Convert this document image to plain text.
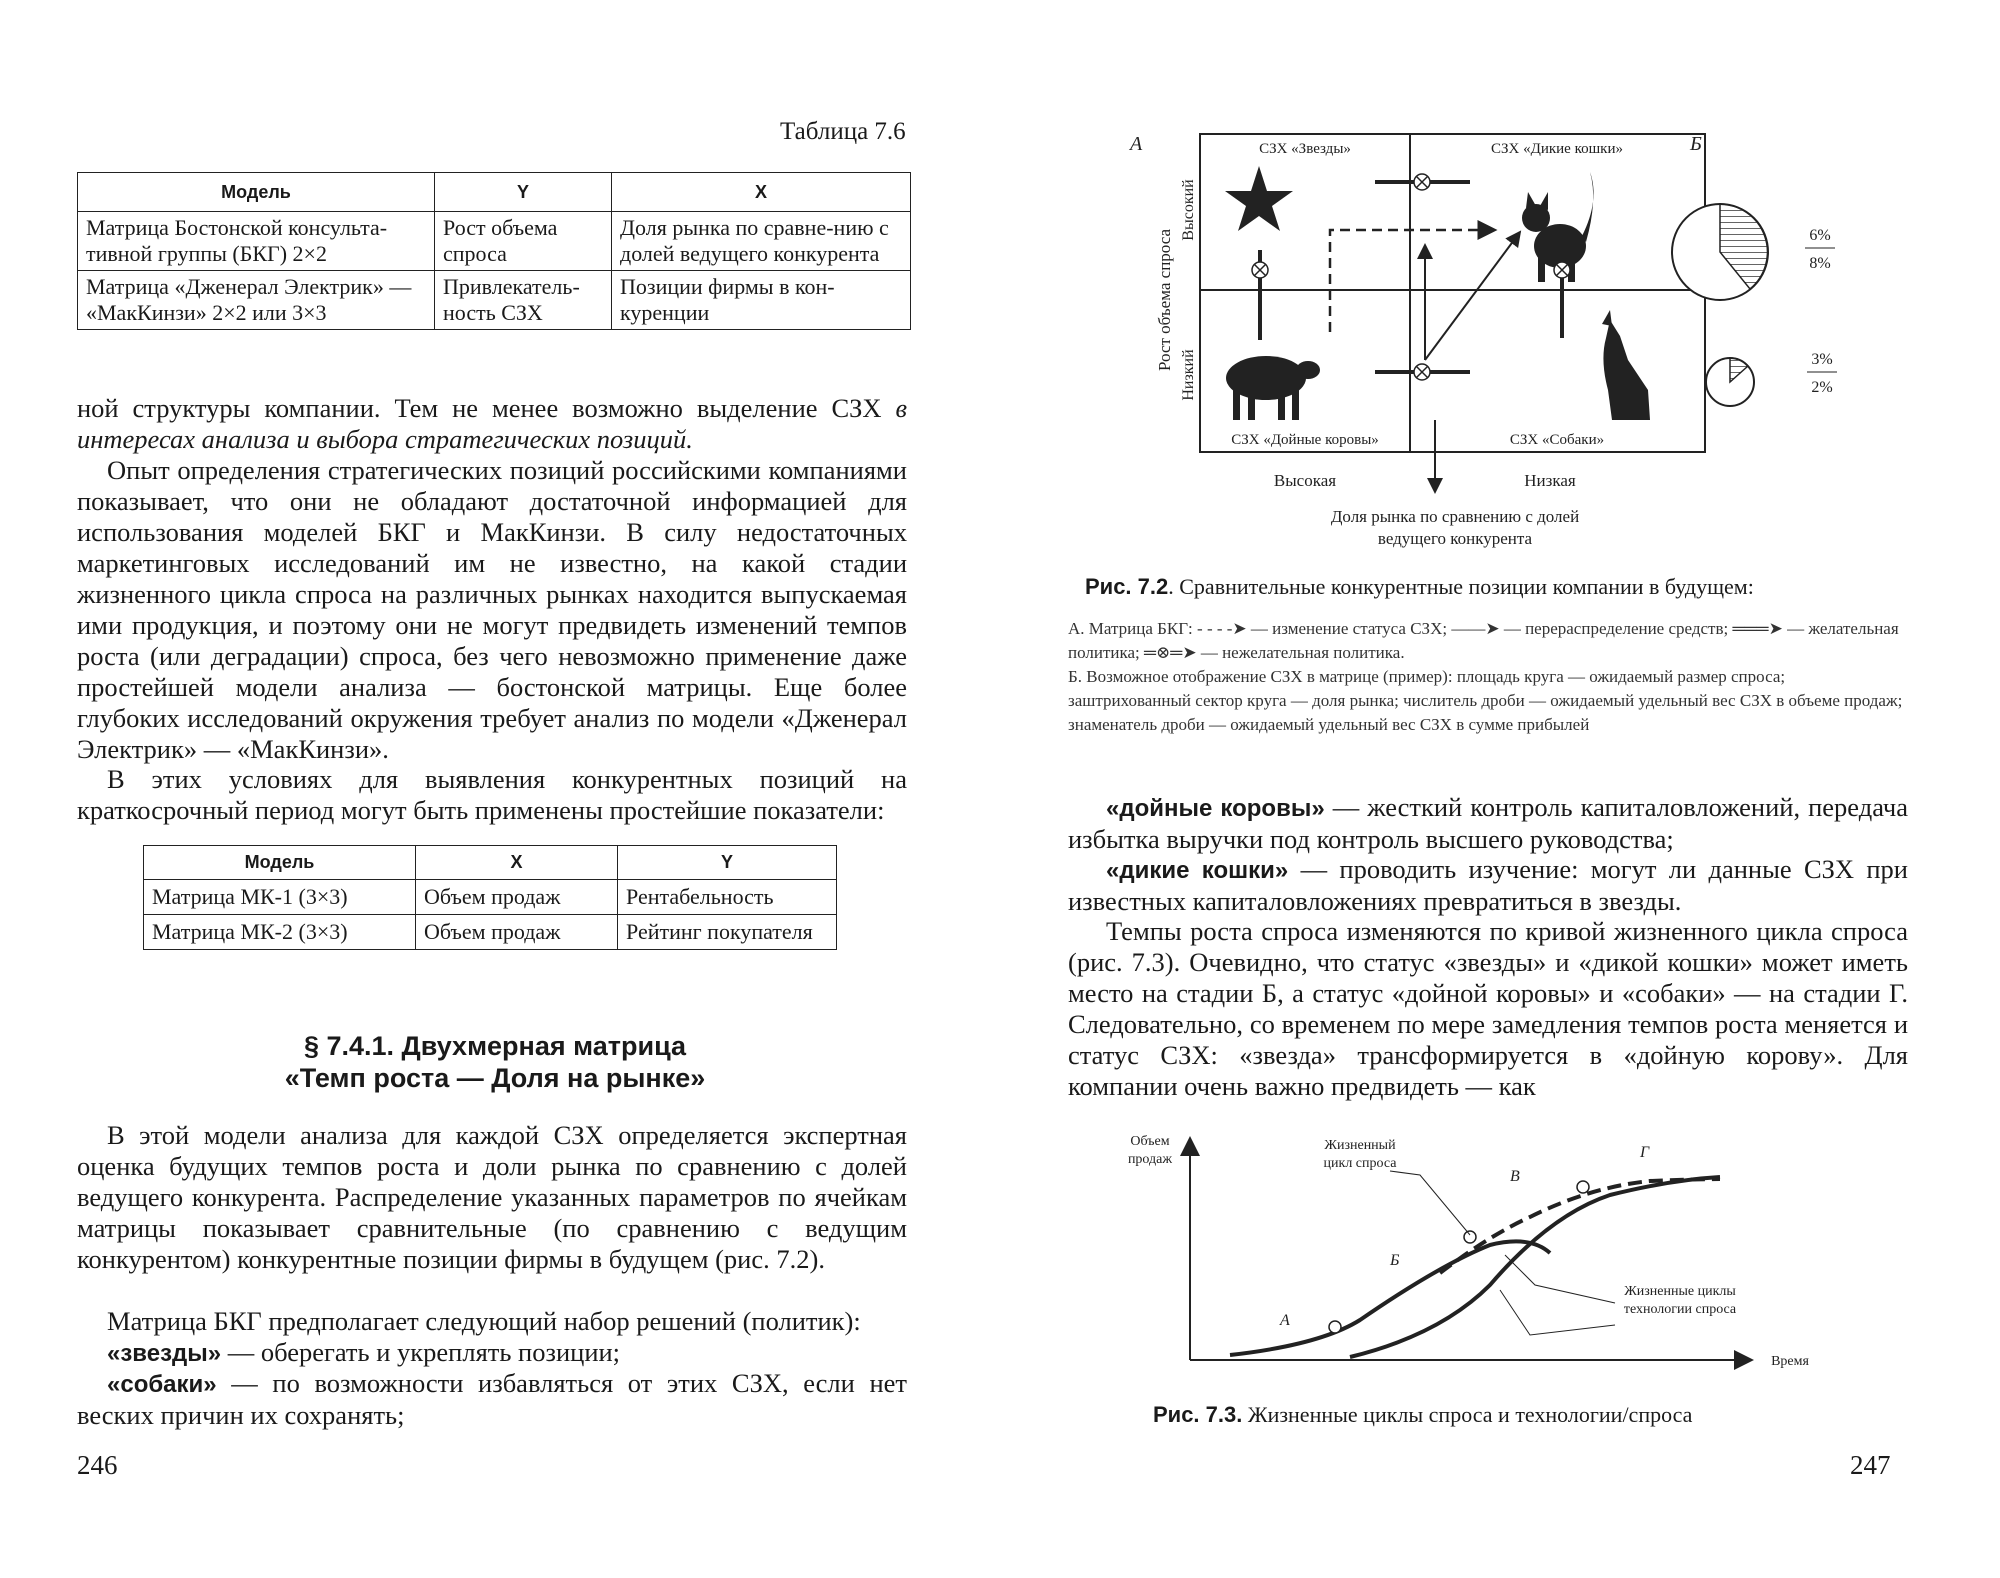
Таблица 7.6
Модель	Y	X
Матрица Бостонской консульта-тивной группы (БКГ) 2×2	Рост объема спроса	Доля рынка по сравне-нию с долей ведущего конкурента
Матрица «Дженерал Электрик» — «МакКинзи» 2×2 или 3×3	Привлекатель-ность СЗХ	Позиции фирмы в кон-куренции

ной структуры компании. Тем не менее возможно выделение СЗХ в интересах анализа и выбора стратегических позиций.

Опыт определения стратегических позиций российскими компаниями показывает, что они не обладают достаточной информацией для использования моделей БКГ и МакКинзи. В силу недостаточных маркетинговых исследований им не известно, на какой стадии жизненного цикла спроса на различных рынках находится выпускаемая ими продукция, и поэтому они не могут предвидеть изменений темпов роста (или деградации) спроса, без чего невозможно применение даже простейшей модели анализа — бостонской матрицы. Еще более глубоких исследований окружения требует анализ по модели «Дженерал Электрик» — «МакКинзи».

В этих условиях для выявления конкурентных позиций на краткосрочный период могут быть применены простейшие показатели:

Модель	X	Y
Матрица МК-1 (3×3)	Объем продаж	Рентабельность
Матрица МК-2 (3×3)	Объем продаж	Рейтинг покупателя
§ 7.4.1. Двухмерная матрица
«Темп роста — Доля на рынке»

В этой модели анализа для каждой СЗХ определяется экспертная оценка будущих темпов роста и доли рынка по сравнению с долей ведущего конкурента. Распределение указанных параметров по ячейкам матрицы показывает сравнительные (по сравнению с ведущим конкурентом) конкурентные позиции фирмы в будущем (рис. 7.2).

Матрица БКГ предполагает следующий набор решений (политик):

«звезды» — оберегать и укреплять позиции;

«собаки» — по возможности избавляться от этих СЗХ, если нет веских причин их сохранять;

246
А	Б
СЗХ «Звезды»	СЗХ «Дикие кошки»
СЗХ «Дойные коровы»	СЗХ «Собаки»
Рост объема спроса
Высокий
Низкий
Высокая	Низкая
Доля рынка по сравнению с долей
ведущего конкурента
6%
8%
3%
2%
Рис. 7.2. Сравнительные конкурентные позиции компании в будущем:
А. Матрица БКГ: - - - -➤ — изменение статуса СЗХ; ——➤ — перераспределение средств; ═══➤ — желательная политика; ═⊗═➤ — нежелательная политика.
Б. Возможное отображение СЗХ в матрице (пример): площадь круга — ожидаемый размер спроса; заштрихованный сектор круга — доля рынка; числитель дроби — ожидаемый удельный вес СЗХ в объеме продаж; знаменатель дроби — ожидаемый удельный вес СЗХ в сумме прибылей

«дойные коровы» — жесткий контроль капиталовложений, передача избытка выручки под контроль высшего руководства;

«дикие кошки» — проводить изучение: могут ли данные СЗХ при известных капиталовложениях превратиться в звезды.

Темпы роста спроса изменяются по кривой жизненного цикла спроса (рис. 7.3). Очевидно, что статус «звезды» и «дикой кошки» может иметь место на стадии Б, а статус «дойной коровы» и «собаки» — на стадии Г. Следовательно, со временем по мере замедления темпов роста меняется и статус СЗХ: «звезда» трансформируется в «дойную корову». Для компании очень важно предвидеть — как

Объем
продаж
Время
А
Б
В
Г
Жизненный
цикл спроса
Жизненные циклы
технологии спроса
Рис. 7.3. Жизненные циклы спроса и технологии/спроса
247
